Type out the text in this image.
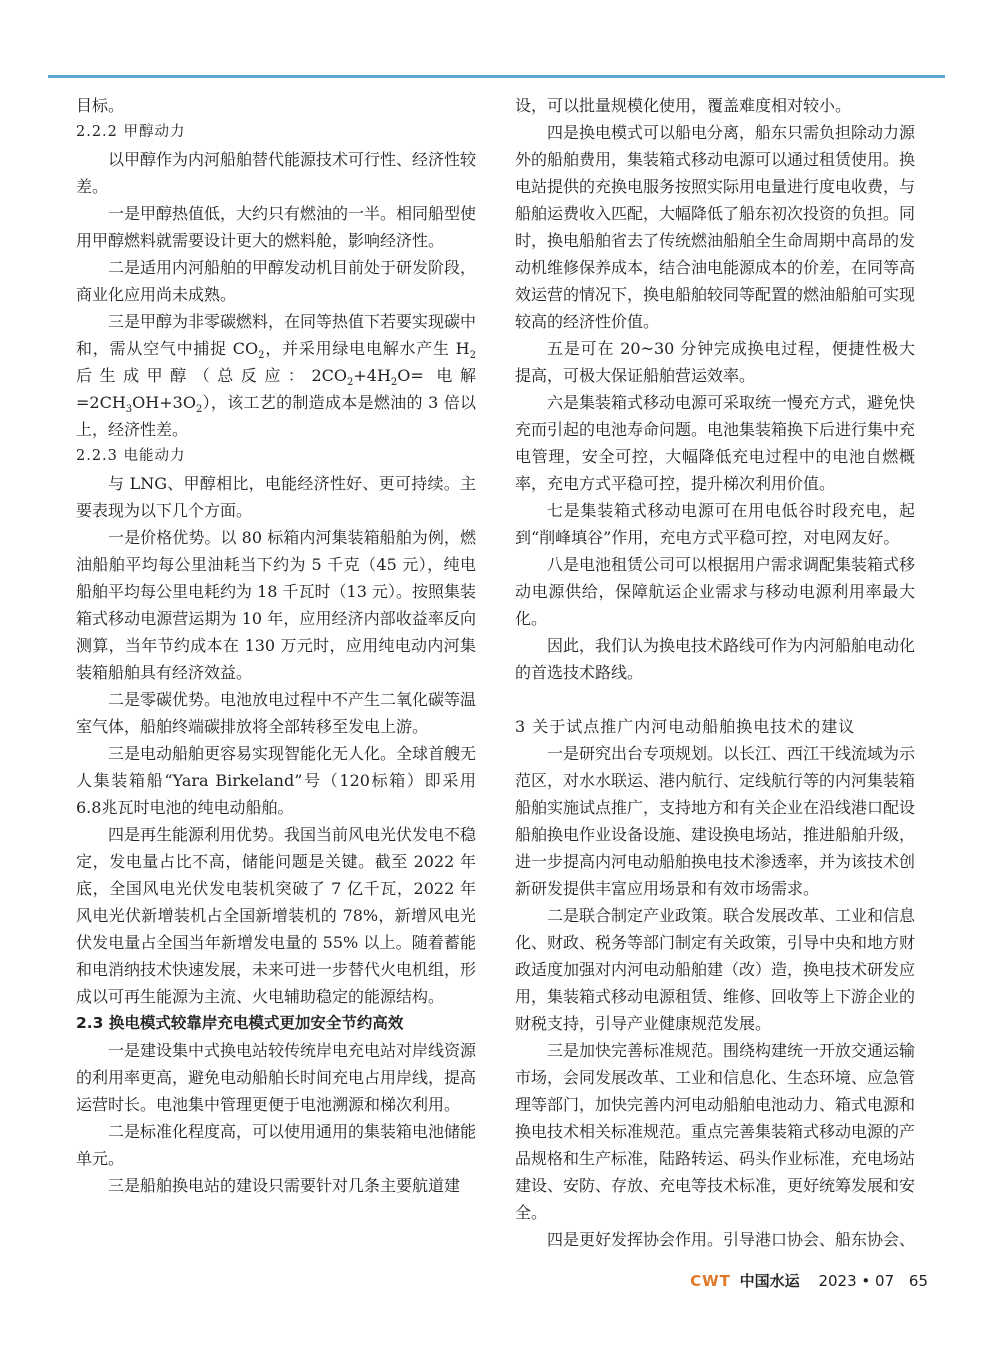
目标。

2.2.2 甲醇动力

以甲醇作为内河船舶替代能源技术可行性、经济性较差。

一是甲醇热值低，大约只有燃油的一半。相同船型使用甲醇燃料就需要设计更大的燃料舱，影响经济性。

二是适用内河船舶的甲醇发动机目前处于研发阶段，商业化应用尚未成熟。

三是甲醇为非零碳燃料，在同等热值下若要实现碳中和，需从空气中捕捉 $CO_2$，并采用绿电电解水产生 $H_2$ 后生成甲醇（总反应：$2CO_2+4H_2O=$ 电解 $=2CH_3OH+3O_2$），该工艺的制造成本是燃油的 3 倍以上，经济性差。

2.2.3 电能动力

与 LNG、甲醇相比，电能经济性好、更可持续。主要表现为以下几个方面。

一是价格优势。以 80 标箱内河集装箱船舶为例，燃油船舶平均每公里油耗当下约为 5 千克（45 元），纯电船舶平均每公里电耗约为 18 千瓦时（13 元）。按照集装箱式移动电源营运期为 10 年，应用经济内部收益率反向测算，当年节约成本在 130 万元时，应用纯电动内河集装箱船舶具有经济效益。

二是零碳优势。电池放电过程中不产生二氧化碳等温室气体，船舶终端碳排放将全部转移至发电上游。

三是电动船舶更容易实现智能化无人化。全球首艘无人集装箱船“Yara Birkeland”号（120标箱）即采用6.8兆瓦时电池的纯电动船舶。

四是再生能源利用优势。我国当前风电光伏发电不稳定，发电量占比不高，储能问题是关键。截至 2022 年底，全国风电光伏发电装机突破了 7 亿千瓦，2022 年风电光伏新增装机占全国新增装机的 78%，新增风电光伏发电量占全国当年新增发电量的 55% 以上。随着蓄能和电消纳技术快速发展，未来可进一步替代火电机组，形成以可再生能源为主流、火电辅助稳定的能源结构。

2.3 换电模式较靠岸充电模式更加安全节约高效

一是建设集中式换电站较传统岸电充电站对岸线资源的利用率更高，避免电动船舶长时间充电占用岸线，提高运营时长。电池集中管理更便于电池溯源和梯次利用。

二是标准化程度高，可以使用通用的集装箱电池储能单元。

三是船舶换电站的建设只需要针对几条主要航道建

设，可以批量规模化使用，覆盖难度相对较小。

四是换电模式可以船电分离，船东只需负担除动力源外的船舶费用，集装箱式移动电源可以通过租赁使用。换电站提供的充换电服务按照实际用电量进行度电收费，与船舶运费收入匹配，大幅降低了船东初次投资的负担。同时，换电船舶省去了传统燃油船舶全生命周期中高昂的发动机维修保养成本，结合油电能源成本的价差，在同等高效运营的情况下，换电船舶较同等配置的燃油船舶可实现较高的经济性价值。

五是可在 20~30 分钟完成换电过程，便捷性极大提高，可极大保证船舶营运效率。

六是集装箱式移动电源可采取统一慢充方式，避免快充而引起的电池寿命问题。电池集装箱换下后进行集中充电管理，安全可控，大幅降低充电过程中的电池自燃概率，充电方式平稳可控，提升梯次利用价值。

七是集装箱式移动电源可在用电低谷时段充电，起到“削峰填谷”作用，充电方式平稳可控，对电网友好。

八是电池租赁公司可以根据用户需求调配集装箱式移动电源供给，保障航运企业需求与移动电源利用率最大化。

因此，我们认为换电技术路线可作为内河船舶电动化的首选技术路线。

3 关于试点推广内河电动船舶换电技术的建议

一是研究出台专项规划。以长江、西江干线流域为示范区，对水水联运、港内航行、定线航行等的内河集装箱船舶实施试点推广，支持地方和有关企业在沿线港口配设船舶换电作业设备设施、建设换电场站，推进船舶升级，进一步提高内河电动船舶换电技术渗透率，并为该技术创新研发提供丰富应用场景和有效市场需求。

二是联合制定产业政策。联合发展改革、工业和信息化、财政、税务等部门制定有关政策，引导中央和地方财政适度加强对内河电动船舶建（改）造，换电技术研发应用，集装箱式移动电源租赁、维修、回收等上下游企业的财税支持，引导产业健康规范发展。

三是加快完善标准规范。围绕构建统一开放交通运输市场，会同发展改革、工业和信息化、生态环境、应急管理等部门，加快完善内河电动船舶电池动力、箱式电源和换电技术相关标准规范。重点完善集装箱式移动电源的产品规格和生产标准，陆路转运、码头作业标准，充电场站建设、安防、存放、充电等技术标准，更好统筹发展和安全。

四是更好发挥协会作用。引导港口协会、船东协会、

CWT 中国水运 2023 • 07 65
